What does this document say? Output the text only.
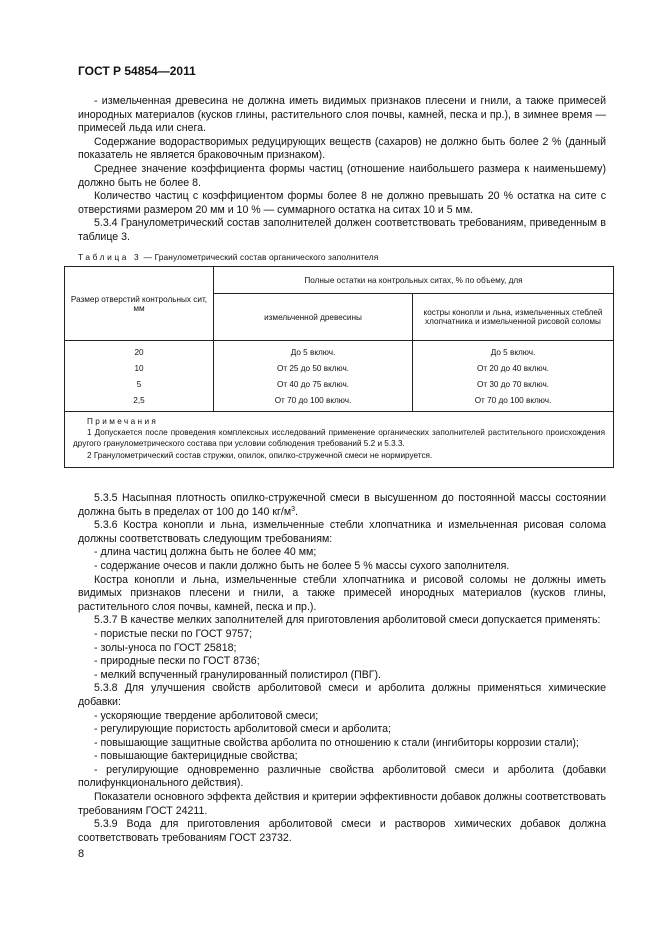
ГОСТ Р 54854—2011

- измельченная древесина не должна иметь видимых признаков плесени и гнили, а также примесей инородных материалов (кусков глины, растительного слоя почвы, камней, песка и пр.), в зимнее время — примесей льда или снега.

Содержание водорастворимых редуцирующих веществ (сахаров) не должно быть более 2 % (данный показатель не является браковочным признаком).

Среднее значение коэффициента формы частиц (отношение наибольшего размера к наименьшему) должно быть не более 8.

Количество частиц с коэффициентом формы более 8 не должно превышать 20 % остатка на сите с отверстиями размером 20 мм и 10 % — суммарного остатка на ситах 10 и 5 мм.

5.3.4 Гранулометрический состав заполнителей должен соответствовать требованиям, приведенным в таблице 3.

Таблица 3 — Гранулометрический состав органического заполнителя
Размер отверстий контрольных сит, мм	Полные остатки на контрольных ситах, % по объему, для	
	измельченной древесины	костры конопли и льна, измельченных стеблей хлопчатника и измельченной рисовой соломы
20	До 5 включ.	До 5 включ.
10	От 25 до 50 включ.	От 20 до 40 включ.
5	От 40 до 75 включ.	От 30 до 70 включ.
2,5	От 70 до 100 включ.	От 70 до 100 включ.
Примечания
1 Допускается после проведения комплексных исследований применение органических заполнителей растительного происхождения другого гранулометрического состава при условии соблюдения требований 5.2 и 5.3.3.
2 Гранулометрический состав стружки, опилок, опилко-стружечной смеси не нормируется.		

5.3.5 Насыпная плотность опилко-стружечной смеси в высушенном до постоянной массы состоянии должна быть в пределах от 100 до 140 $кг/м^3$.

5.3.6 Кострa конопли и льна, измельченные стебли хлопчатника и измельченная рисовая солома должны соответствовать следующим требованиям:

- длина частиц должна быть не более 40 мм;

- содержание очесов и пакли должно быть не более 5 % массы сухого заполнителя.

Кострa конопли и льна, измельченные стебли хлопчатника и рисовой соломы не должны иметь видимых признаков плесени и гнили, а также примесей инородных материалов (кусков глины, растительного слоя почвы, камней, песка и пр.).

5.3.7 В качестве мелких заполнителей для приготовления арболитовой смеси допускается применять:

- пористые пески по ГОСТ 9757;

- золы-уноса по ГОСТ 25818;

- природные пески по ГОСТ 8736;

- мелкий вспученный гранулированный полистирол (ПВГ).

5.3.8 Для улучшения свойств арболитовой смеси и арболита должны применяться химические добавки:

- ускоряющие твердение арболитовой смеси;

- регулирующие пористость арболитовой смеси и арболита;

- повышающие защитные свойства арболита по отношению к стали (ингибиторы коррозии стали);

- повышающие бактерицидные свойства;

- регулирующие одновременно различные свойства арболитовой смеси и арболита (добавки полифункционального действия).

Показатели основного эффекта действия и критерии эффективности добавок должны соответствовать требованиям ГОСТ 24211.

5.3.9 Вода для приготовления арболитовой смеси и растворов химических добавок должна соответствовать требованиям ГОСТ 23732.

8
